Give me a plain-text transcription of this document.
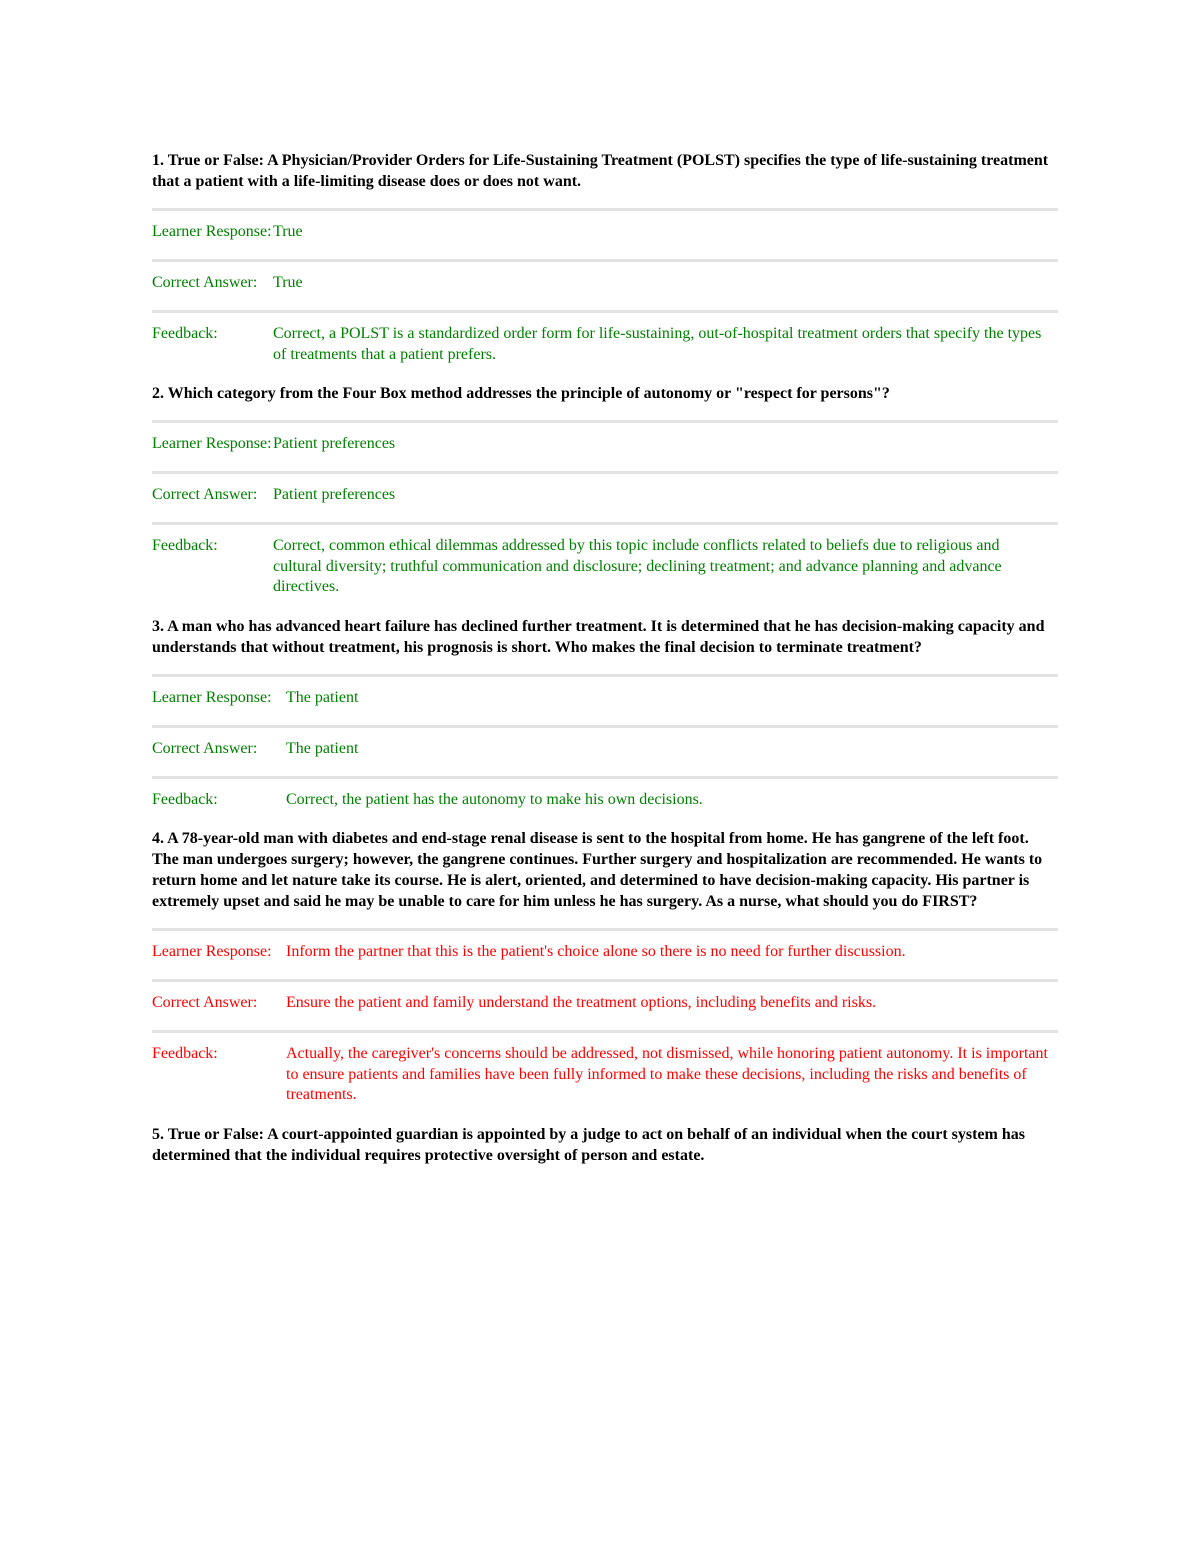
1. True or False: A Physician/Provider Orders for Life-Sustaining Treatment (POLST) specifies the type of life-sustaining treatment that a patient with a life-limiting disease does or does not want.

Learner Response: True
Correct Answer: True
Feedback:	Correct, a POLST is a standardized order form for life-sustaining, out-of-hospital treatment orders that specify the types of treatments that a patient prefers.

2. Which category from the Four Box method addresses the principle of autonomy or "respect for persons"?

Learner Response: Patient preferences
Correct Answer: Patient preferences
Feedback:	Correct, common ethical dilemmas addressed by this topic include conflicts related to beliefs due to religious and cultural diversity; truthful communication and disclosure; declining treatment; and advance planning and advance directives.

3. A man who has advanced heart failure has declined further treatment. It is determined that he has decision-making capacity and understands that without treatment, his prognosis is short. Who makes the final decision to terminate treatment?

Learner Response: The patient
Correct Answer:	The patient
Feedback:	Correct, the patient has the autonomy to make his own decisions.

4. A 78-year-old man with diabetes and end-stage renal disease is sent to the hospital from home. He has gangrene of the left foot. The man undergoes surgery; however, the gangrene continues. Further surgery and hospitalization are recommended. He wants to return home and let nature take its course. He is alert, oriented, and determined to have decision-making capacity. His partner is extremely upset and said he may be unable to care for him unless he has surgery. As a nurse, what should you do FIRST?

Learner Response: Inform the partner that this is the patient's choice alone so there is no need for further discussion.
Correct Answer:	Ensure the patient and family understand the treatment options, including benefits and risks.
Feedback:	Actually, the caregiver's concerns should be addressed, not dismissed, while honoring patient autonomy. It is important to ensure patients and families have been fully informed to make these decisions, including the risks and benefits of treatments.

5. True or False: A court-appointed guardian is appointed by a judge to act on behalf of an individual when the court system has determined that the individual requires protective oversight of person and estate.
